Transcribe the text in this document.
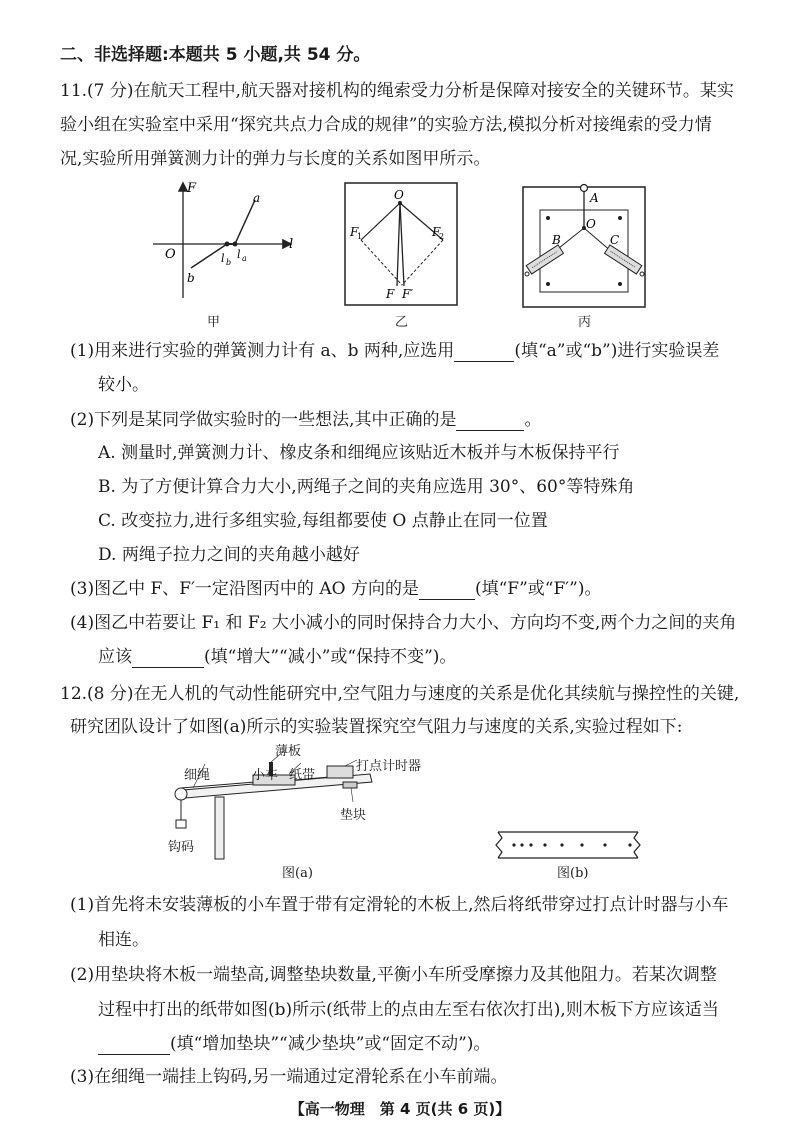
二、非选择题:本题共 5 小题,共 54 分。
11.(7 分)在航天工程中,航天器对接机构的绳索受力分析是保障对接安全的关键环节。某实
验小组在实验室中采用“探究共点力合成的规律”的实验方法,模拟分析对接绳索的受力情
况,实验所用弹簧测力计的弹力与长度的关系如图甲所示。
F
O
l
a
b
l b
l a
甲
O
F
1	F
2
F F′
乙
A
B
O
C
丙
(1)用来进行实验的弹簧测力计有 a、b 两种,应选用	(填“a”或“b”)进行实验误差
较小。
(2)下列是某同学做实验时的一些想法,其中正确的是	。
A. 测量时,弹簧测力计、橡皮条和细绳应该贴近木板并与木板保持平行
B. 为了方便计算合力大小,两绳子之间的夹角应选用 30°、60°等特殊角
C. 改变拉力,进行多组实验,每组都要使 O 点静止在同一位置
D. 两绳子拉力之间的夹角越小越好
(3)图乙中 F、F′一定沿图丙中的 AO 方向的是	(填“F”或“F′”)。
(4)图乙中若要让 F₁ 和 F₂ 大小减小的同时保持合力大小、方向均不变,两个力之间的夹角
应该	(填“增大”“减小”或“保持不变”)。
12.(8 分)在无人机的气动性能研究中,空气阻力与速度的关系是优化其续航与操控性的关键,
研究团队设计了如图(a)所示的实验装置探究空气阻力与速度的关系,实验过程如下:
薄板
小车 纸带
打点计时器
细绳
垫块
钩码
图(a)	图(b)
(1)首先将未安装薄板的小车置于带有定滑轮的木板上,然后将纸带穿过打点计时器与小车
相连。
(2)用垫块将木板一端垫高,调整垫块数量,平衡小车所受摩擦力及其他阻力。若某次调整
过程中打出的纸带如图(b)所示(纸带上的点由左至右依次打出),则木板下方应该适当
(填“增加垫块”“减少垫块”或“固定不动”)。
(3)在细绳一端挂上钩码,另一端通过定滑轮系在小车前端。
【高一物理　第 4 页(共 6 页)】
